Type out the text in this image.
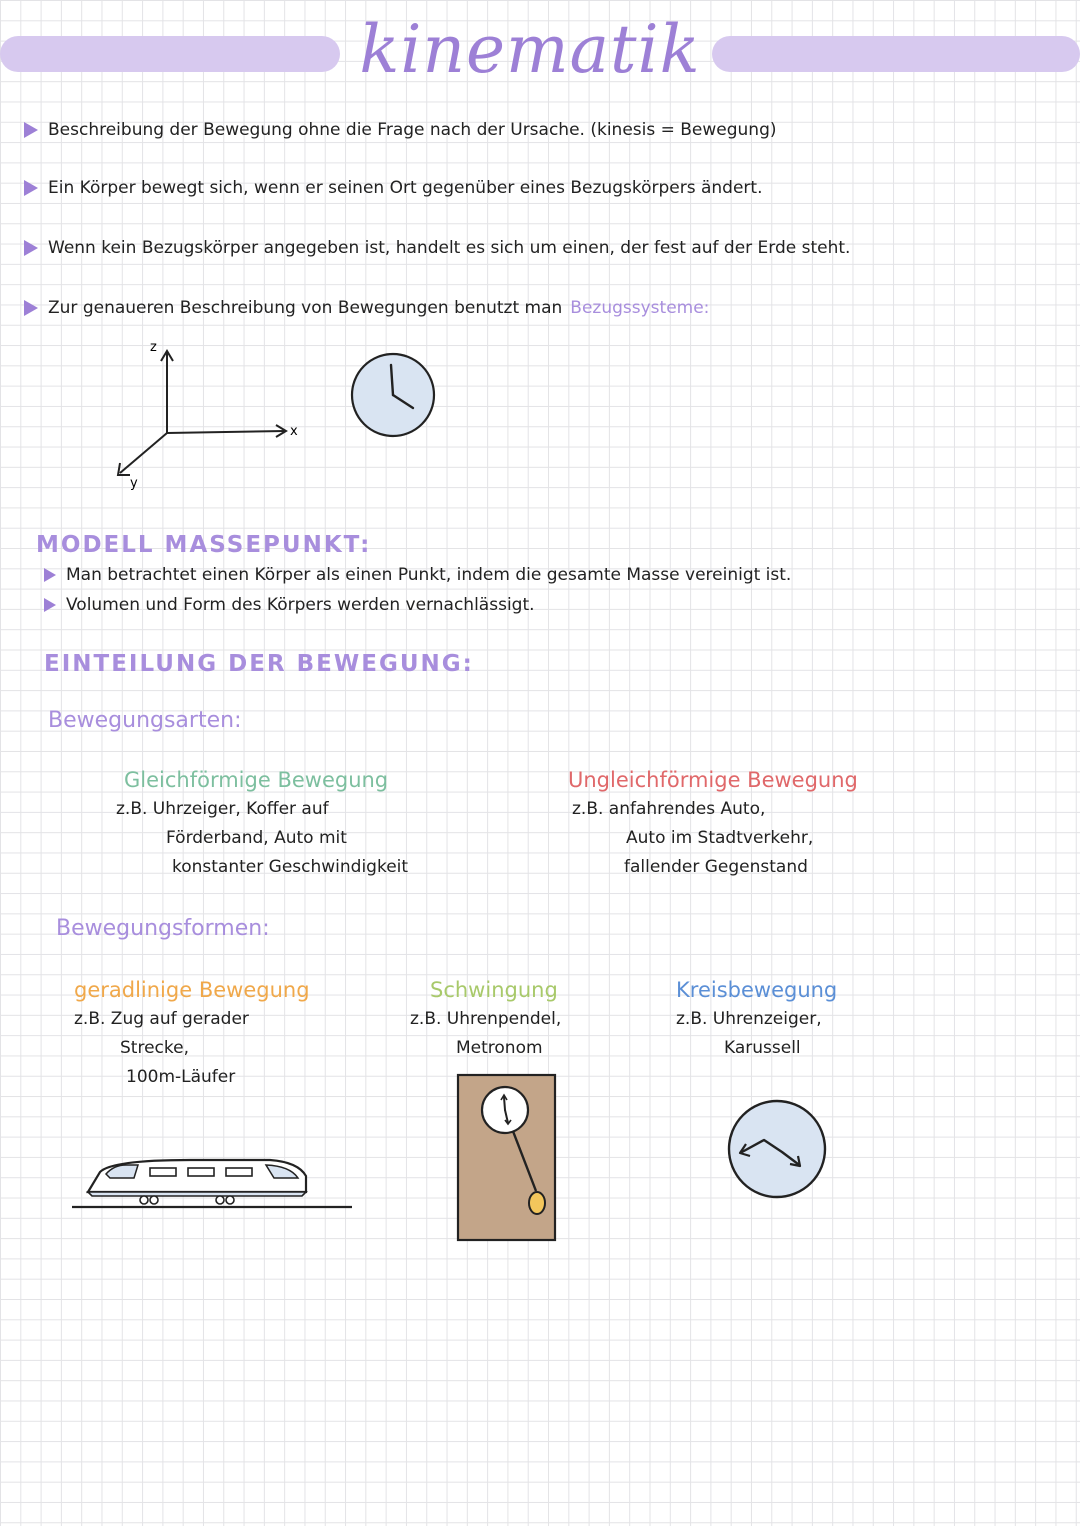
kinematik
Beschreibung der Bewegung ohne die Frage nach der Ursache. (kinesis = Bewegung)
Ein Körper bewegt sich, wenn er seinen Ort gegenüber eines Bezugskörpers ändert.
Wenn kein Bezugskörper angegeben ist, handelt es sich um einen, der fest auf der Erde steht.
Zur genaueren Beschreibung von Bewegungen benutzt man Bezugssysteme:
z
x
y
MODELL MASSEPUNKT:
Man betrachtet einen Körper als einen Punkt, indem die gesamte Masse vereinigt ist.
Volumen und Form des Körpers werden vernachlässigt.
EINTEILUNG DER BEWEGUNG:
Bewegungsarten:
Gleichförmige Bewegung
z.B. Uhrzeiger, Koffer auf
Förderband, Auto mit
konstanter Geschwindigkeit
Ungleichförmige Bewegung
z.B. anfahrendes Auto,
Auto im Stadtverkehr,
fallender Gegenstand
Bewegungsformen:
geradlinige Bewegung
z.B. Zug auf gerader
Strecke,
100m-Läufer
Schwingung
z.B. Uhrenpendel,
Metronom
Kreisbewegung
z.B. Uhrenzeiger,
Karussell
